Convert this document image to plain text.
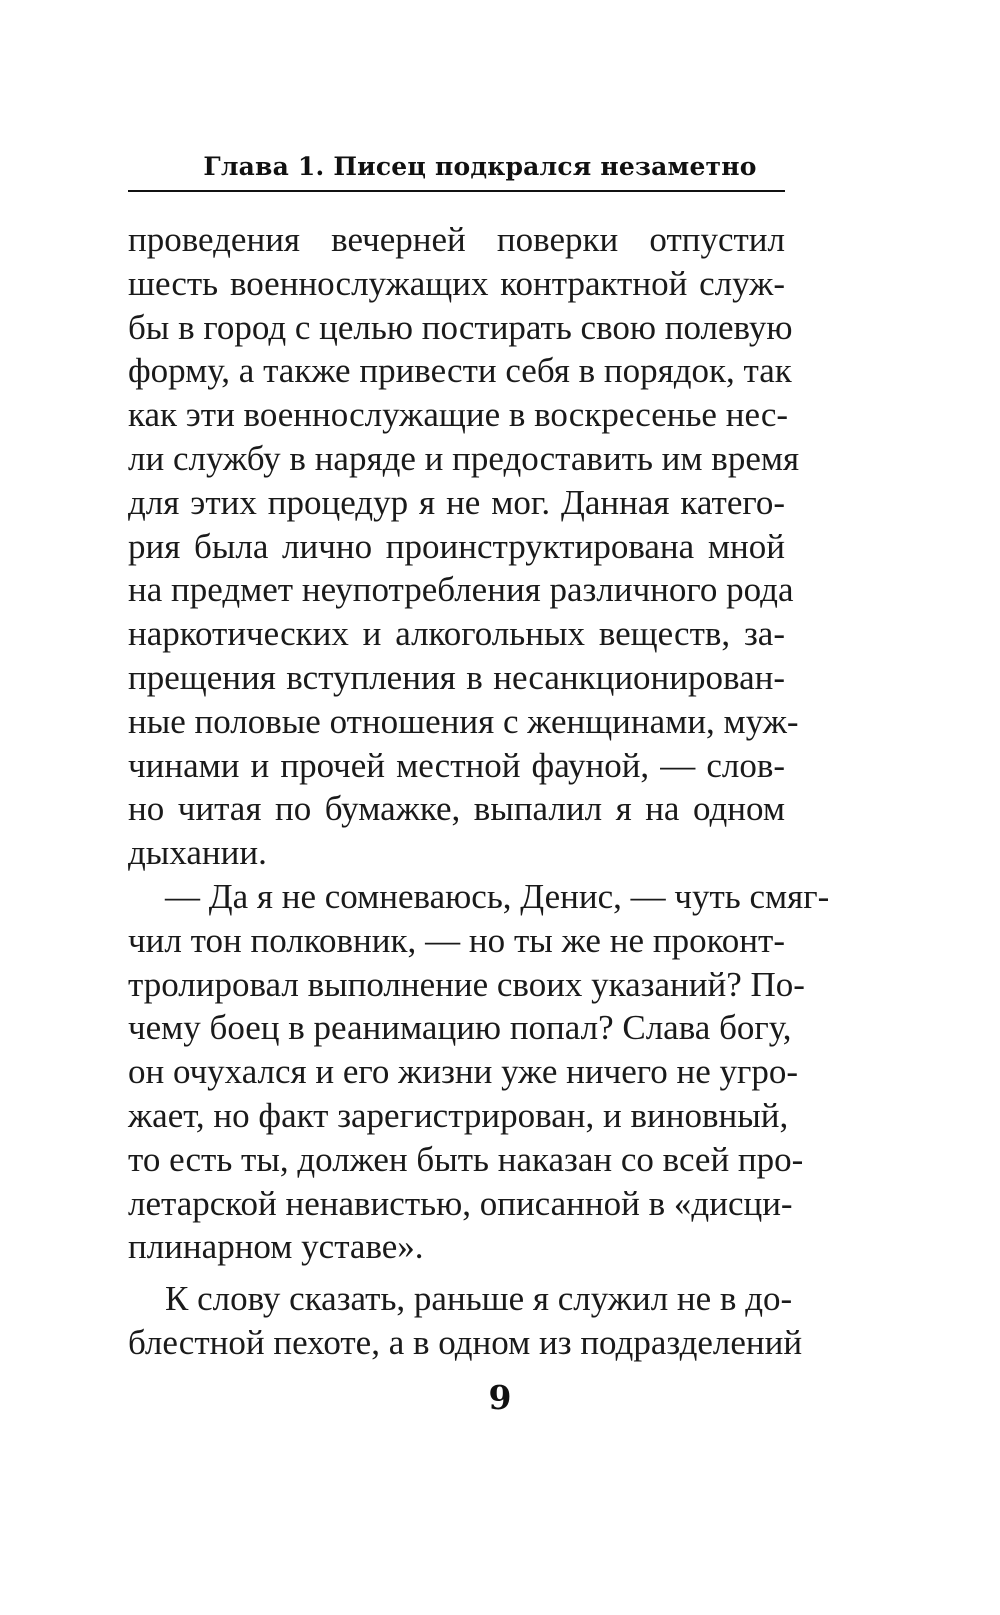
Глава 1. Писец подкрался незаметно
проведения вечерней поверки отпустил
шесть военнослужащих контрактной служ-
бы в город с целью постирать свою полевую
форму, а также привести себя в порядок, так
как эти военнослужащие в воскресенье нес-
ли службу в наряде и предоставить им время
для этих процедур я не мог. Данная катего-
рия была лично проинструктирована мной
на предмет неупотребления различного рода
наркотических и алкогольных веществ, за-
прещения вступления в несанкционирован-
ные половые отношения с женщинами, муж-
чинами и прочей местной фауной, — слов-
но читая по бумажке, выпалил я на одном
дыхании.
— Да я не сомневаюсь, Денис, — чуть смяг-
чил тон полковник, — но ты же не проконт-
тролировал выполнение своих указаний? По-
чему боец в реанимацию попал? Слава богу,
он очухался и его жизни уже ничего не угро-
жает, но факт зарегистрирован, и виновный,
то есть ты, должен быть наказан со всей про-
летарской ненавистью, описанной в «дисци-
плинарном уставе».
К слову сказать, раньше я служил не в до-
блестной пехоте, а в одном из подразделений
9
